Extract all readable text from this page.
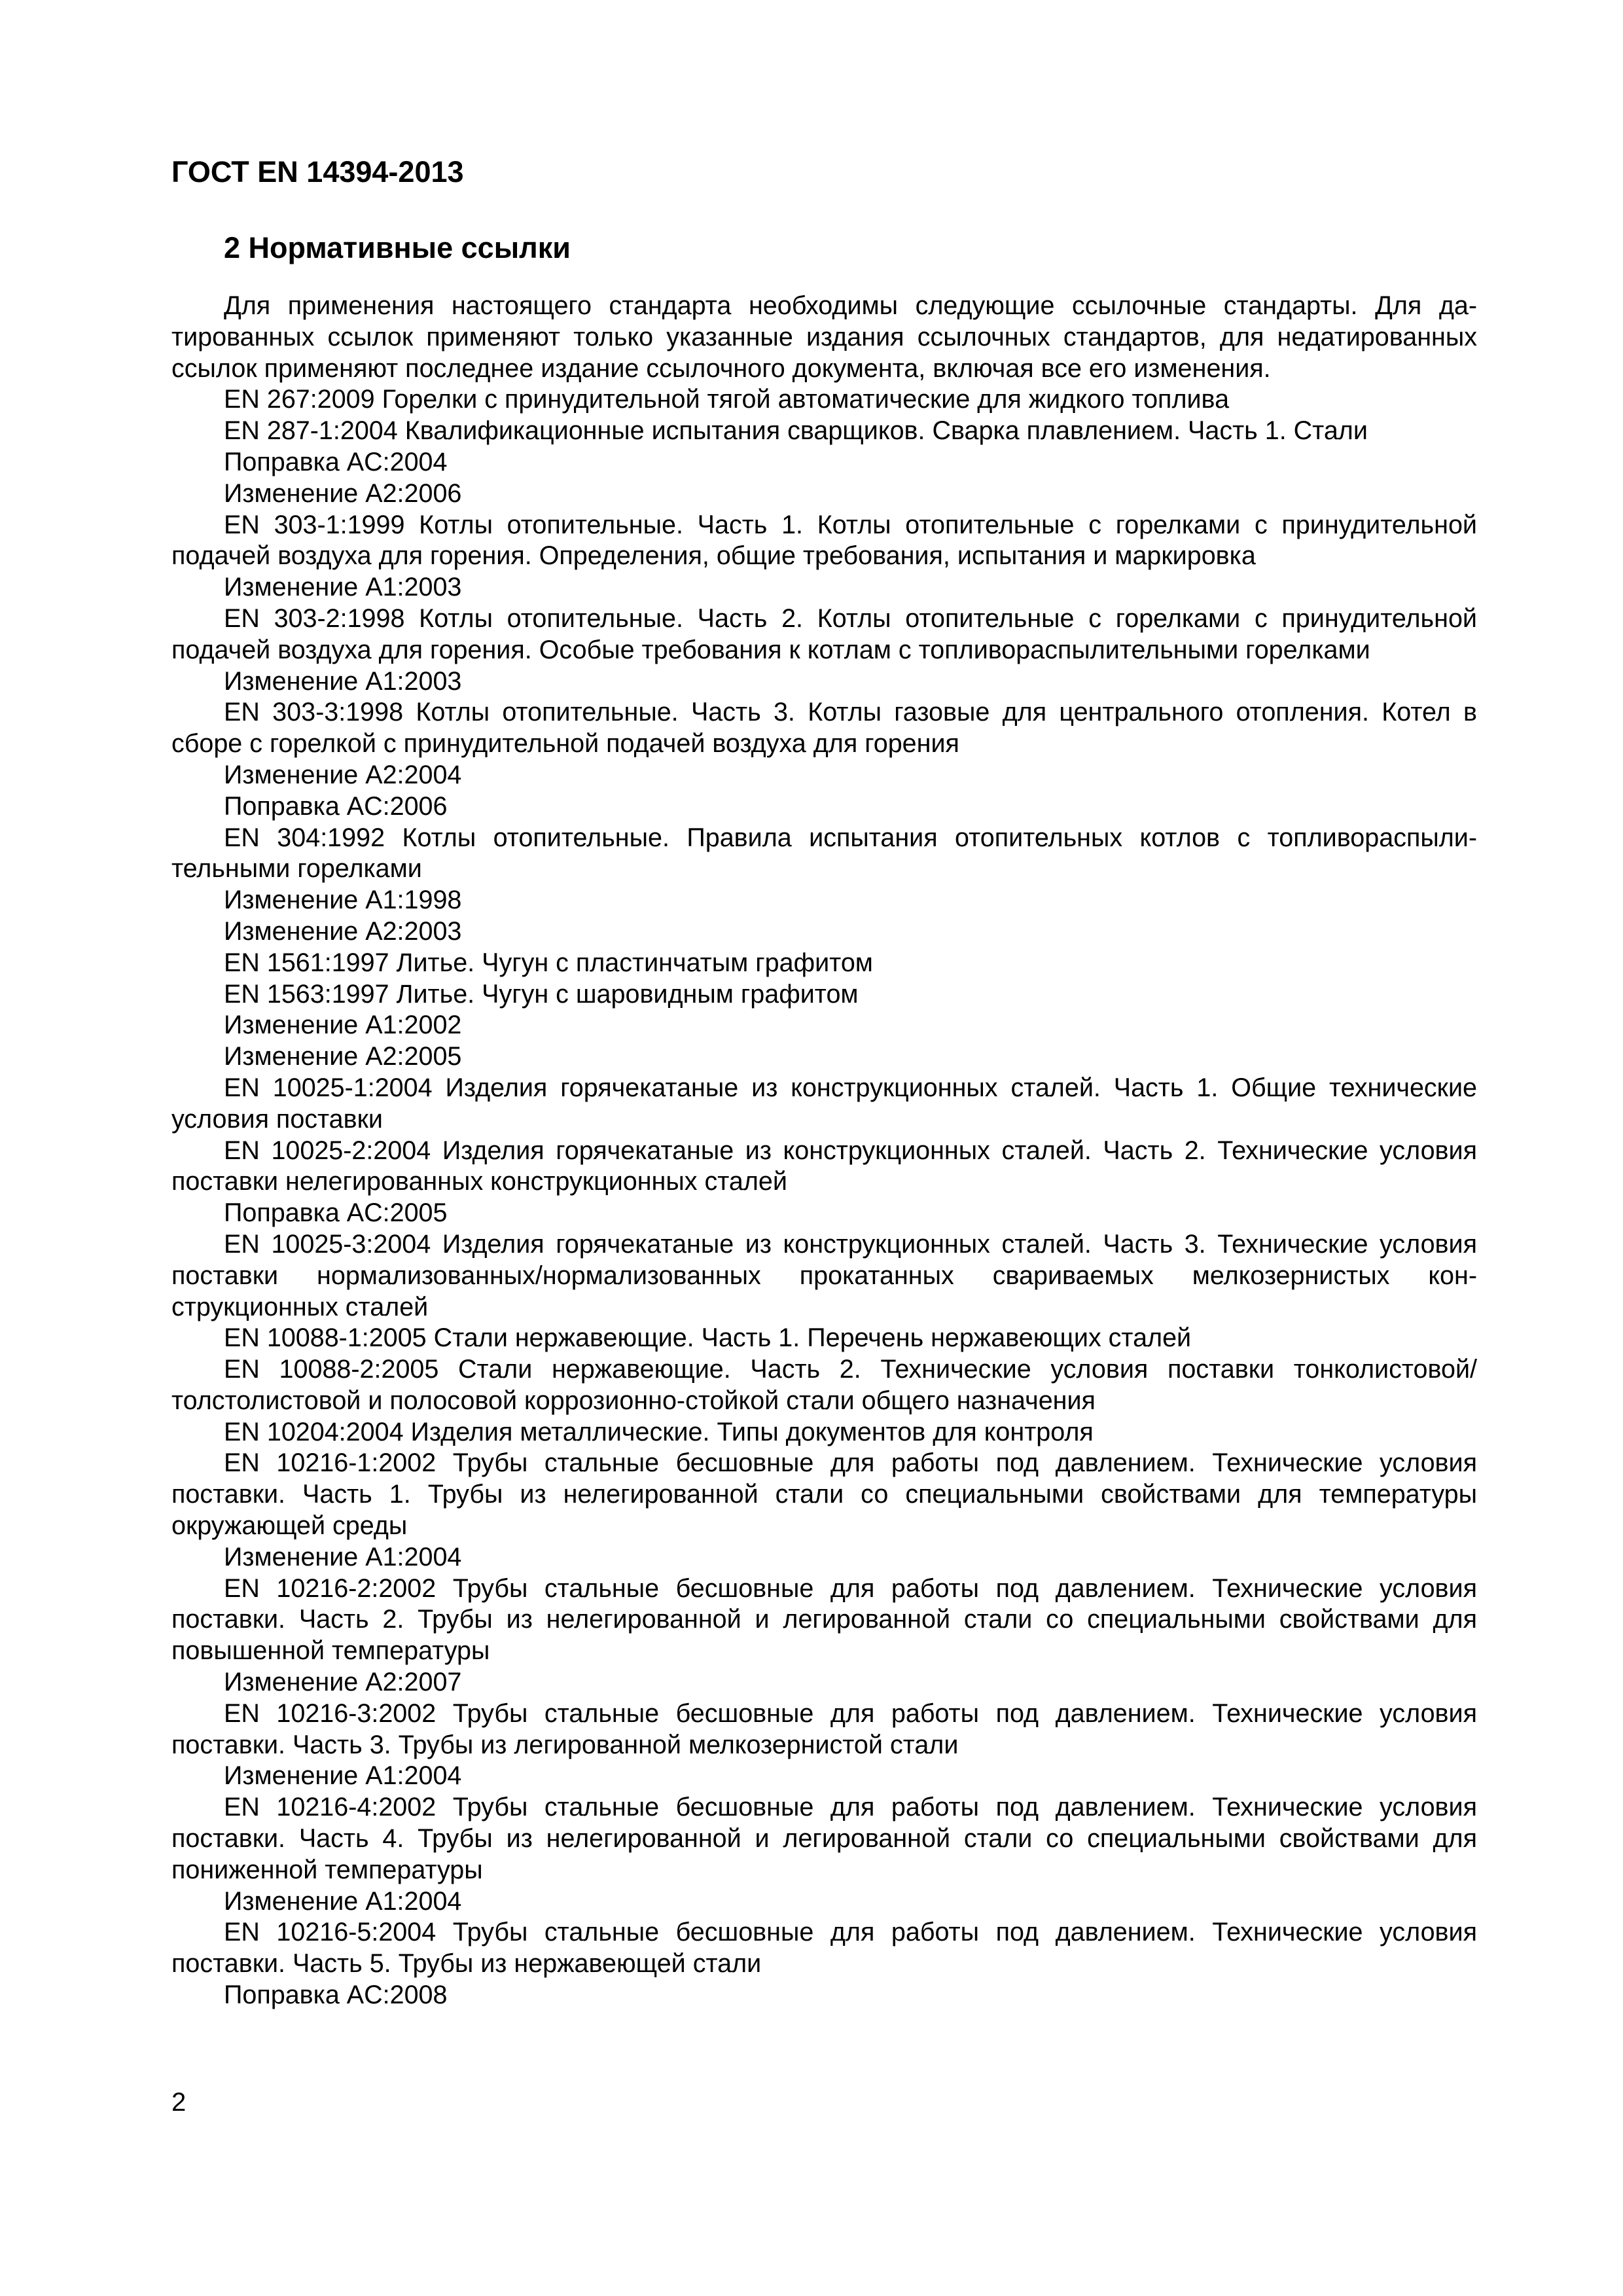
ГОСТ EN 14394-2013
2 Нормативные ссылки

Для применения настоящего стандарта необходимы следующие ссылочные стандарты. Для датированных ссылок применяют только указанные издания ссылочных стандартов, для недатированных ссылок применяют последнее издание ссылочного документа, включая все его изменения.

EN 267:2009 Горелки с принудительной тягой автоматические для жидкого топлива

EN 287-1:2004 Квалификационные испытания сварщиков. Сварка плавлением. Часть 1. Стали

Поправка AC:2004

Изменение A2:2006

EN 303-1:1999 Котлы отопительные. Часть 1. Котлы отопительные с горелками с принудительной подачей воздуха для горения. Определения, общие требования, испытания и маркировка

Изменение A1:2003

EN 303-2:1998 Котлы отопительные. Часть 2. Котлы отопительные с горелками с принудительной подачей воздуха для горения. Особые требования к котлам с топливораспылительными горелками

Изменение A1:2003

EN 303-3:1998 Котлы отопительные. Часть 3. Котлы газовые для центрального отопления. Котел в сборе с горелкой с принудительной подачей воздуха для горения

Изменение A2:2004

Поправка AC:2006

EN 304:1992 Котлы отопительные. Правила испытания отопительных котлов с топливораспылительными горелками

Изменение A1:1998

Изменение A2:2003

EN 1561:1997 Литье. Чугун с пластинчатым графитом

EN 1563:1997 Литье. Чугун с шаровидным графитом

Изменение A1:2002

Изменение A2:2005

EN 10025-1:2004 Изделия горячекатаные из конструкционных сталей. Часть 1. Общие технические условия поставки

EN 10025-2:2004 Изделия горячекатаные из конструкционных сталей. Часть 2. Технические условия поставки нелегированных конструкционных сталей

Поправка AC:2005

EN 10025-3:2004 Изделия горячекатаные из конструкционных сталей. Часть 3. Технические условия поставки нормализованных/нормализованных прокатанных свариваемых мелкозернистых конструкционных сталей

EN 10088-1:2005 Стали нержавеющие. Часть 1. Перечень нержавеющих сталей

EN 10088-2:2005 Стали нержавеющие. Часть 2. Технические условия поставки тонколистовой/​толстолистовой и полосовой коррозионно-стойкой стали общего назначения

EN 10204:2004 Изделия металлические. Типы документов для контроля

EN 10216-1:2002 Трубы стальные бесшовные для работы под давлением. Технические условия поставки. Часть 1. Трубы из нелегированной стали со специальными свойствами для температуры окружающей среды

Изменение A1:2004

EN 10216-2:2002 Трубы стальные бесшовные для работы под давлением. Технические условия поставки. Часть 2. Трубы из нелегированной и легированной стали со специальными свойствами для повышенной температуры

Изменение A2:2007

EN 10216-3:2002 Трубы стальные бесшовные для работы под давлением. Технические условия поставки. Часть 3. Трубы из легированной мелкозернистой стали

Изменение A1:2004

EN 10216-4:2002 Трубы стальные бесшовные для работы под давлением. Технические условия поставки. Часть 4. Трубы из нелегированной и легированной стали со специальными свойствами для пониженной температуры

Изменение A1:2004

EN 10216-5:2004 Трубы стальные бесшовные для работы под давлением. Технические условия поставки. Часть 5. Трубы из нержавеющей стали

Поправка AC:2008

2
